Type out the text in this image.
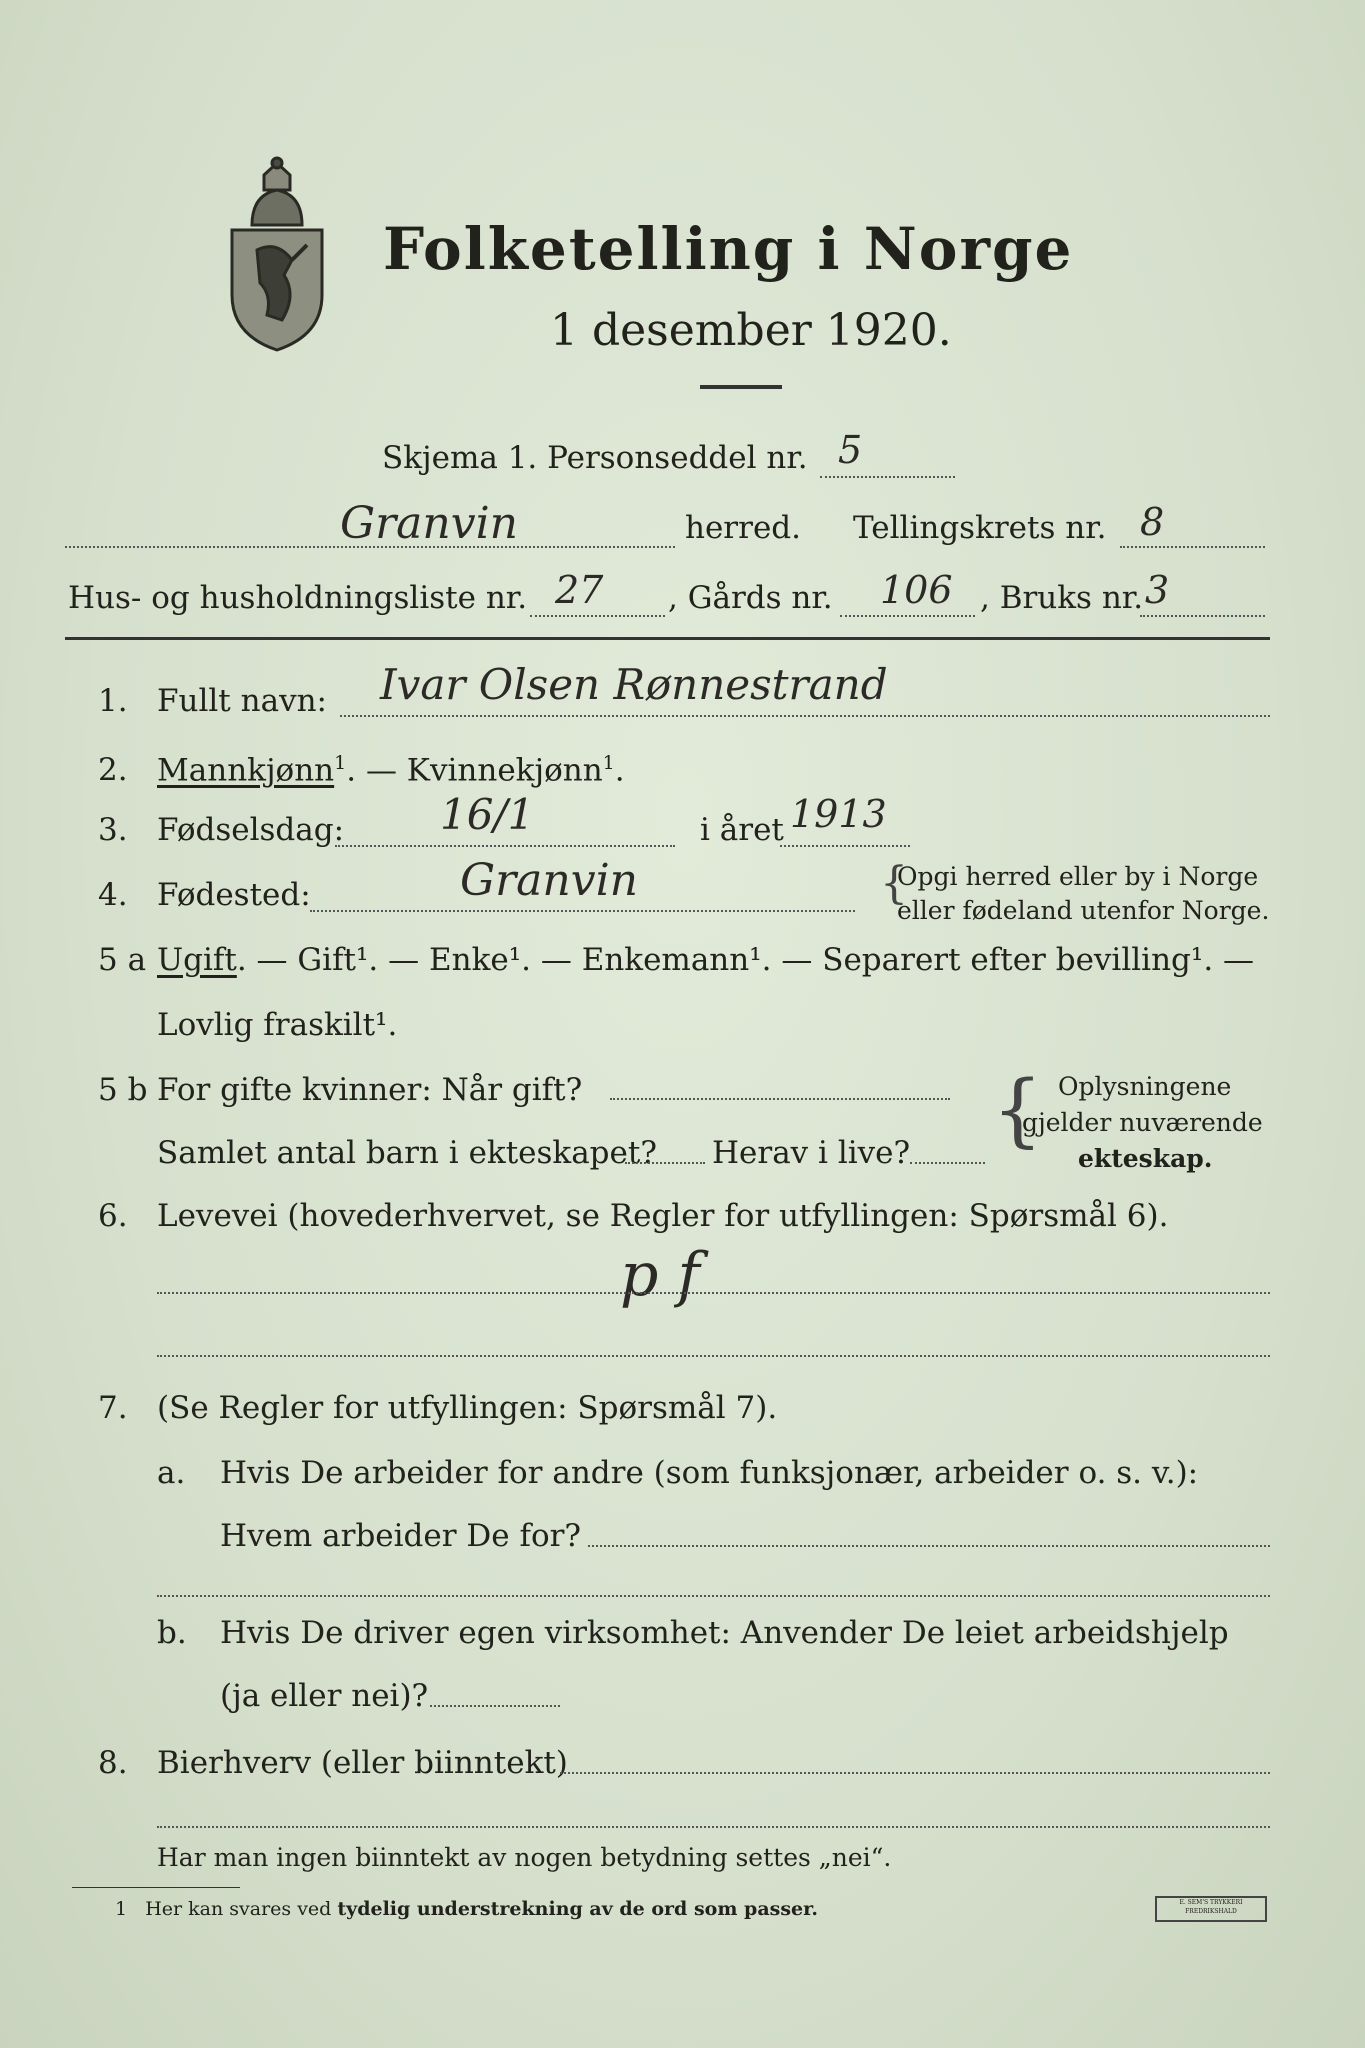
Folketelling i Norge
1 desember 1920.
Skjema 1. Personseddel nr. 5
Granvin	herred. Tellingskrets nr. 8
Hus- og husholdningsliste nr. 27 , Gårds nr. 106 , Bruks nr. 3
1. Fullt navn: Ivar Olsen Rønnestrand
2. Mannkjønn$^1$. — Kvinnekjønn$^1$.
3. Fødselsdag: 16/1	i året 1913
4. Fødested:	Granvin	{
Opgi herred eller by i Norge
eller fødeland utenfor Norge.
5 a Ugift. — Gift¹. — Enke¹. — Enkemann¹. — Separert efter bevilling¹. —
Lovlig fraskilt¹.
5 b For gifte kvinner: Når gift?
Samlet antal barn i ekteskapet? Herav i live? { Oplysningene
gjelder nuværende
ekteskap.
6. Levevei (hovederhvervet, se Regler for utfyllingen: Spørsmål 6).
p f
7. (Se Regler for utfyllingen: Spørsmål 7).
a. Hvis De arbeider for andre (som funksjonær, arbeider o. s. v.):
Hvem arbeider De for?
b. Hvis De driver egen virksomhet: Anvender De leiet arbeidshjelp
(ja eller nei)?
8. Bierhverv (eller biinntekt)
Har man ingen biinntekt av nogen betydning settes „nei“.
1 Her kan svares ved tydelig understrekning av de ord som passer.	E. SEM'S TRYKKERI FREDRIKSHALD
